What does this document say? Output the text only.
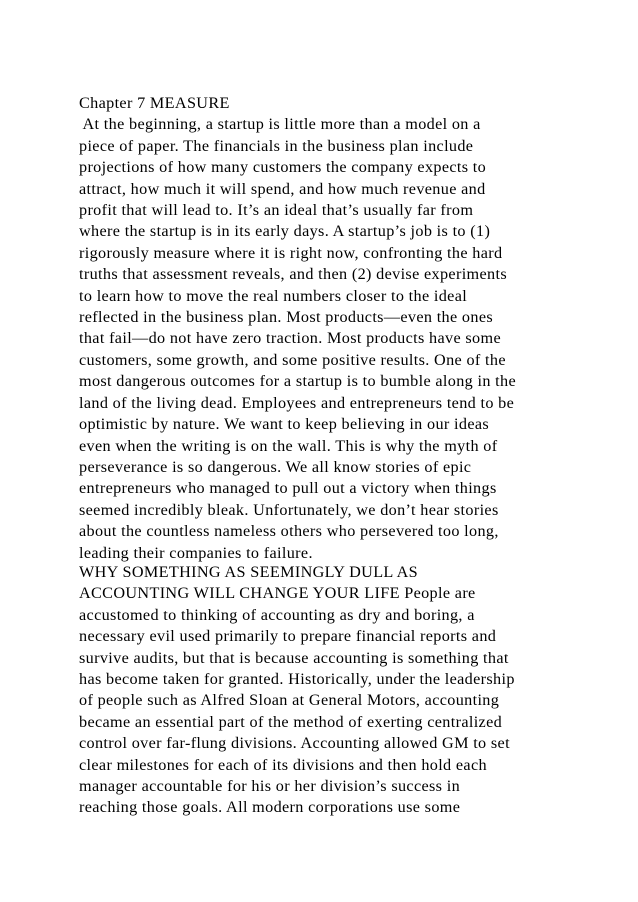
Chapter 7 MEASURE

At the beginning, a startup is little more than a model on a

piece of paper. The financials in the business plan include

projections of how many customers the company expects to

attract, how much it will spend, and how much revenue and

profit that will lead to. It’s an ideal that’s usually far from

where the startup is in its early days. A startup’s job is to (1)

rigorously measure where it is right now, confronting the hard

truths that assessment reveals, and then (2) devise experiments

to learn how to move the real numbers closer to the ideal

reflected in the business plan. Most products—even the ones

that fail—do not have zero traction. Most products have some

customers, some growth, and some positive results. One of the

most dangerous outcomes for a startup is to bumble along in the

land of the living dead. Employees and entrepreneurs tend to be

optimistic by nature. We want to keep believing in our ideas

even when the writing is on the wall. This is why the myth of

perseverance is so dangerous. We all know stories of epic

entrepreneurs who managed to pull out a victory when things

seemed incredibly bleak. Unfortunately, we don’t hear stories

about the countless nameless others who persevered too long,

leading their companies to failure.

WHY SOMETHING AS SEEMINGLY DULL AS

ACCOUNTING WILL CHANGE YOUR LIFE People are

accustomed to thinking of accounting as dry and boring, a

necessary evil used primarily to prepare financial reports and

survive audits, but that is because accounting is something that

has become taken for granted. Historically, under the leadership

of people such as Alfred Sloan at General Motors, accounting

became an essential part of the method of exerting centralized

control over far-flung divisions. Accounting allowed GM to set

clear milestones for each of its divisions and then hold each

manager accountable for his or her division’s success in

reaching those goals. All modern corporations use some
